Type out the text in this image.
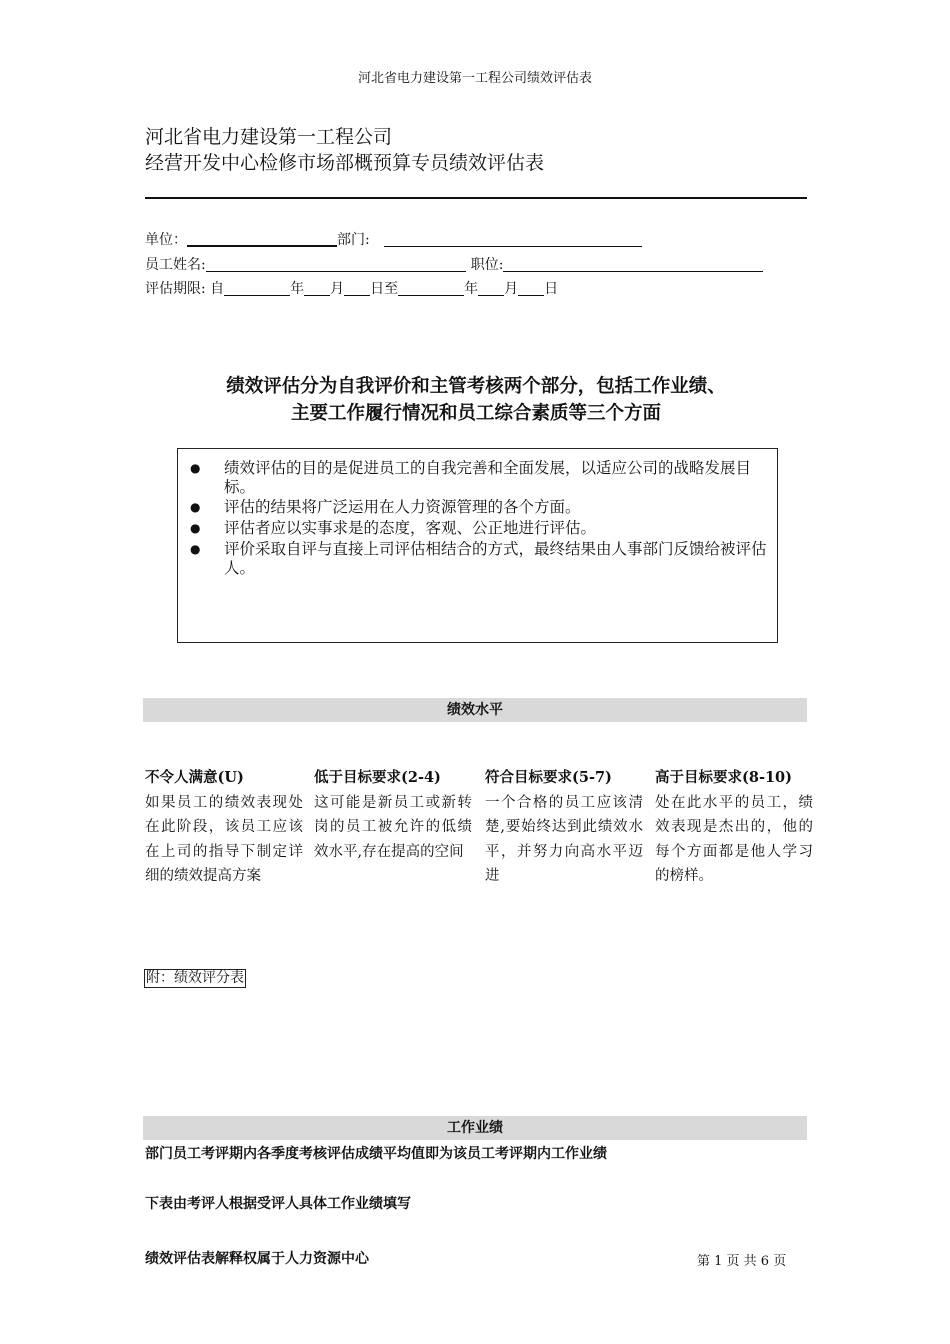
河北省电力建设第一工程公司绩效评估表
河北省电力建设第一工程公司
经营开发中心检修市场部概预算专员绩效评估表
单位：	部门:
员工姓名:	职位:
评估期限: 自	年 月 日至	年 月 日
绩效评估分为自我评价和主管考核两个部分，包括工作业绩、
主要工作履行情况和员工综合素质等三个方面
● 绩效评估的目的是促进员工的自我完善和全面发展，以适应公司的战略发展目标。
● 评估的结果将广泛运用在人力资源管理的各个方面。
● 评估者应以实事求是的态度，客观、公正地进行评估。
● 评价采取自评与直接上司评估相结合的方式，最终结果由人事部门反馈给被评估人。
绩效水平
不令人满意(U)
如果员工的绩效表现处在此阶段，该员工应该在上司的指导下制定详细的绩效提高方案
低于目标要求(2-4)
这可能是新员工或新转岗的员工被允许的低绩效水平,存在提高的空间
符合目标要求(5-7)
一个合格的员工应该清楚,要始终达到此绩效水平，并努力向高水平迈进
高于目标要求(8-10)
处在此水平的员工，绩效表现是杰出的，他的每个方面都是他人学习的榜样。
附：绩效评分表
工作业绩
部门员工考评期内各季度考核评估成绩平均值即为该员工考评期内工作业绩
下表由考评人根据受评人具体工作业绩填写
绩效评估表解释权属于人力资源中心	第 1 页 共 6 页
